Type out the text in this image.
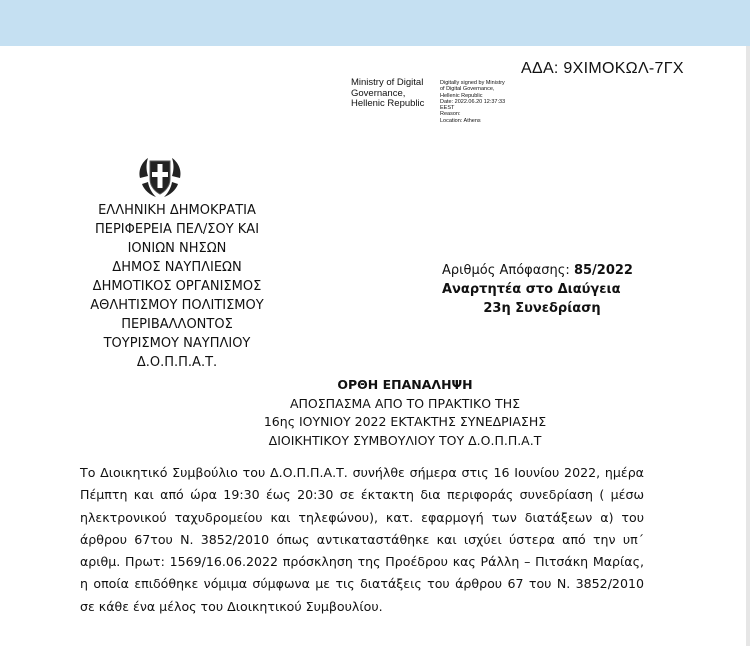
ΑΔΑ: 9ΧΙΜΟΚΩΛ-7ΓΧ
Ministry of Digital
Governance,
Hellenic Republic
Digitally signed by Ministry
of Digital Governance,
Hellenic Republic
Date: 2022.06.20 12:37:33
EEST
Reason:
Location: Athens
ΕΛΛΗΝΙΚΗ ΔΗΜΟΚΡΑΤΙΑ
ΠΕΡΙΦΕΡΕΙΑ ΠΕΛ/ΣΟΥ ΚΑΙ
ΙΟΝΙΩΝ ΝΗΣΩΝ
ΔΗΜΟΣ ΝΑΥΠΛΙΕΩΝ
ΔΗΜΟΤΙΚΟΣ ΟΡΓΑΝΙΣΜΟΣ
ΑΘΛΗΤΙΣΜΟΥ ΠΟΛΙΤΙΣΜΟΥ
ΠΕΡΙΒΑΛΛΟΝΤΟΣ
ΤΟΥΡΙΣΜΟΥ ΝΑΥΠΛΙΟΥ
Δ.Ο.Π.Π.Α.Τ.
Αριθμός Απόφασης: 85/2022
Αναρτητέα στο Διαύγεια
23η Συνεδρίαση
ΟΡΘΗ ΕΠΑΝΑΛΗΨΗ
ΑΠΟΣΠΑΣΜΑ ΑΠΟ ΤΟ ΠΡΑΚΤΙΚΟ ΤΗΣ
16ης ΙΟΥΝΙΟΥ 2022 ΕΚΤΑΚΤΗΣ ΣΥΝΕΔΡΙΑΣΗΣ
ΔΙΟΙΚΗΤΙΚΟΥ ΣΥΜΒΟΥΛΙΟΥ ΤΟΥ Δ.Ο.Π.Π.Α.Τ
Το Διοικητικό Συμβούλιο του Δ.Ο.Π.Π.Α.Τ. συνήλθε σήμερα στις 16 Ιουνίου 2022, ημέρα Πέμπτη και από ώρα 19:30 έως 20:30 σε έκτακτη δια περιφοράς συνεδρίαση ( μέσω ηλεκτρονικού ταχυδρομείου και τηλεφώνου), κατ. εφαρμογή των διατάξεων α) του άρθρου 67του Ν. 3852/2010 όπως αντικαταστάθηκε και ισχύει ύστερα από την υπ΄ αριθμ. Πρωτ: 1569/16.06.2022 πρόσκληση της Προέδρου κας Ράλλη – Πιτσάκη Μαρίας, η οποία επιδόθηκε νόμιμα σύμφωνα με τις διατάξεις του άρθρου 67 του Ν. 3852/2010 σε κάθε ένα μέλος του Διοικητικού Συμβουλίου.
